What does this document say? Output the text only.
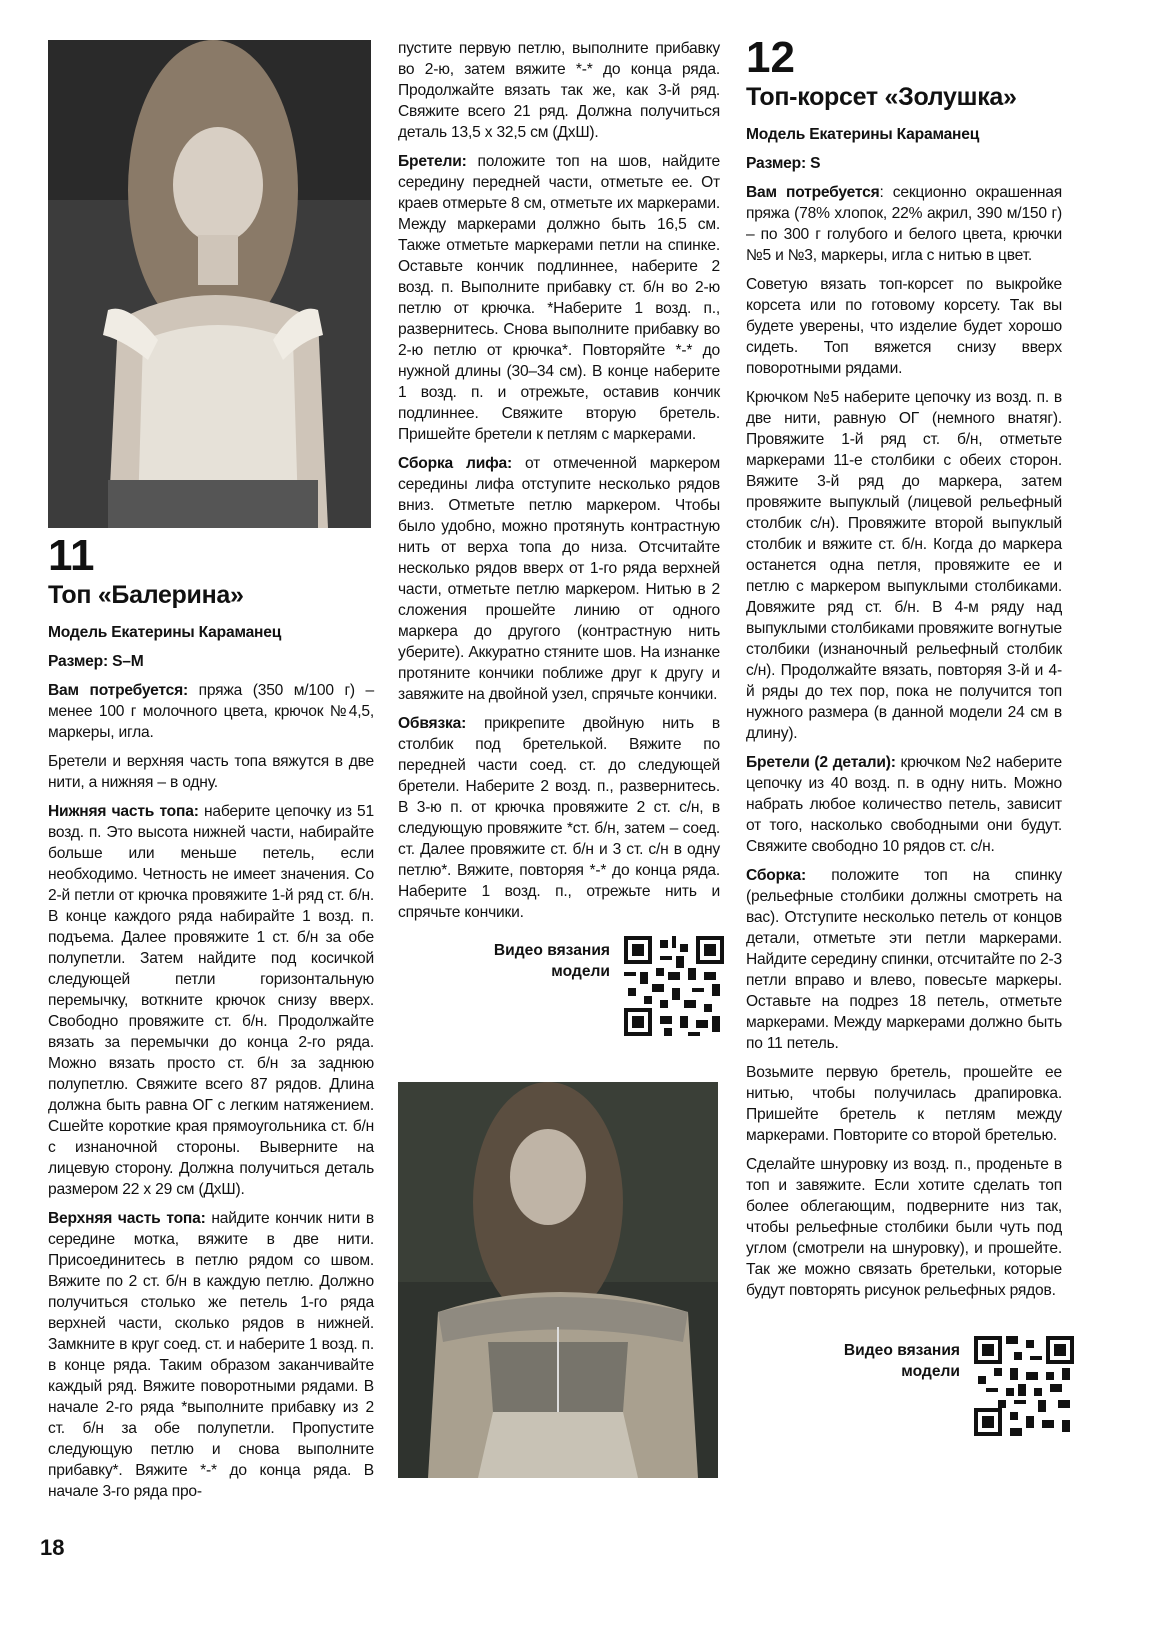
11
Топ «Балерина»

Модель Екатерины Караманец

Размер: S–M

Вам потребуется: пряжа (350 м/100 г) – менее 100 г молочного цвета, крючок №4,5, маркеры, игла.

Бретели и верхняя часть топа вяжутся в две нити, а нижняя – в одну.

Нижняя часть топа: наберите цепочку из 51 возд. п. Это высота нижней части, набирайте больше или меньше петель, если необходимо. Четность не имеет значения. Со 2-й петли от крючка провяжите 1-й ряд ст. б/н. В конце каждого ряда набирайте 1 возд. п. подъема. Далее провяжите 1 ст. б/н за обе полупетли. Затем найдите под косичкой следующей петли горизонтальную перемычку, воткните крючок снизу вверх. Свободно провяжите ст. б/н. Продолжайте вязать за перемычки до конца 2-го ряда. Можно вязать просто ст. б/н за заднюю полупетлю. Свяжите всего 87 рядов. Длина должна быть равна ОГ с легким натяжением. Сшейте короткие края прямоугольника ст. б/н с изнаночной стороны. Выверните на лицевую сторону. Должна получиться деталь размером 22 х 29 см (ДхШ).

Верхняя часть топа: найдите кончик нити в середине мотка, вяжите в две нити. Присоединитесь в петлю рядом со швом. Вяжите по 2 ст. б/н в каждую петлю. Должно получиться столько же петель 1-го ряда верхней части, сколько рядов в нижней. Замкните в круг соед. ст. и наберите 1 возд. п. в конце ряда. Таким образом заканчивайте каждый ряд. Вяжите поворотными рядами. В начале 2-го ряда *выполните прибавку из 2 ст. б/н за обе полупетли. Пропустите следующую петлю и снова выполните прибавку*. Вяжите *-* до конца ряда. В начале 3-го ряда про-

пустите первую петлю, выполните прибавку во 2-ю, затем вяжите *-* до конца ряда. Продолжайте вязать так же, как 3-й ряд. Свяжите всего 21 ряд. Должна получиться деталь 13,5 х 32,5 см (ДхШ).

Бретели: положите топ на шов, найдите середину передней части, отметьте ее. От краев отмерьте 8 см, отметьте их маркерами. Между маркерами должно быть 16,5 см. Также отметьте маркерами петли на спинке. Оставьте кончик подлиннее, наберите 2 возд. п. Выполните прибавку ст. б/н во 2-ю петлю от крючка. *Наберите 1 возд. п., развернитесь. Снова выполните прибавку во 2-ю петлю от крючка*. Повторяйте *-* до нужной длины (30–34 см). В конце наберите 1 возд. п. и отрежьте, оставив кончик подлиннее. Свяжите вторую бретель. Пришейте бретели к петлям с маркерами.

Сборка лифа: от отмеченной маркером середины лифа отступите несколько рядов вниз. Отметьте петлю маркером. Чтобы было удобно, можно протянуть контрастную нить от верха топа до низа. Отсчитайте несколько рядов вверх от 1-го ряда верхней части, отметьте петлю маркером. Нитью в 2 сложения прошейте линию от одного маркера до другого (контрастную нить уберите). Аккуратно стяните шов. На изнанке протяните кончики поближе друг к другу и завяжите на двойной узел, спрячьте кончики.

Обвязка: прикрепите двойную нить в столбик под бретелькой. Вяжите по передней части соед. ст. до следующей бретели. Наберите 2 возд. п., развернитесь. В 3-ю п. от крючка провяжите 2 ст. с/н, в следующую провяжите *ст. б/н, затем – соед. ст. Далее провяжите ст. б/н и 3 ст. с/н в одну петлю*. Вяжите, повторяя *-* до конца ряда. Наберите 1 возд. п., отрежьте нить и спрячьте кончики.

Видео вязания модели
12
Топ-корсет «Золушка»

Модель Екатерины Караманец

Размер: S

Вам потребуется: секционно окрашенная пряжа (78% хлопок, 22% акрил, 390 м/150 г) – по 300 г голубого и белого цвета, крючки №5 и №3, маркеры, игла с нитью в цвет.

Советую вязать топ-корсет по выкройке корсета или по готовому корсету. Так вы будете уверены, что изделие будет хорошо сидеть. Топ вяжется снизу вверх поворотными рядами.

Крючком №5 наберите цепочку из возд. п. в две нити, равную ОГ (немного внатяг). Провяжите 1-й ряд ст. б/н, отметьте маркерами 11-е столбики с обеих сторон. Вяжите 3-й ряд до маркера, затем провяжите выпуклый (лицевой рельефный столбик с/н). Провяжите второй выпуклый столбик и вяжите ст. б/н. Когда до маркера останется одна петля, провяжите ее и петлю с маркером выпуклыми столбиками. Довяжите ряд ст. б/н. В 4-м ряду над выпуклыми столбиками провяжите вогнутые столбики (изнаночный рельефный столбик с/н). Продолжайте вязать, повторяя 3-й и 4-й ряды до тех пор, пока не получится топ нужного размера (в данной модели 24 см в длину).

Бретели (2 детали): крючком №2 наберите цепочку из 40 возд. п. в одну нить. Можно набрать любое количество петель, зависит от того, насколько свободными они будут. Свяжите свободно 10 рядов ст. с/н.

Сборка: положите топ на спинку (рельефные столбики должны смотреть на вас). Отступите несколько петель от концов детали, отметьте эти петли маркерами. Найдите середину спинки, отсчитайте по 2-3 петли вправо и влево, повесьте маркеры. Оставьте на подрез 18 петель, отметьте маркерами. Между маркерами должно быть по 11 петель.

Возьмите первую бретель, прошейте ее нитью, чтобы получилась драпировка. Пришейте бретель к петлям между маркерами. Повторите со второй бретелью.

Сделайте шнуровку из возд. п., проденьте в топ и завяжите. Если хотите сделать топ более облегающим, подверните низ так, чтобы рельефные столбики были чуть под углом (смотрели на шнуровку), и прошейте. Так же можно связать бретельки, которые будут повторять рисунок рельефных рядов.

Видео вязания модели
18
